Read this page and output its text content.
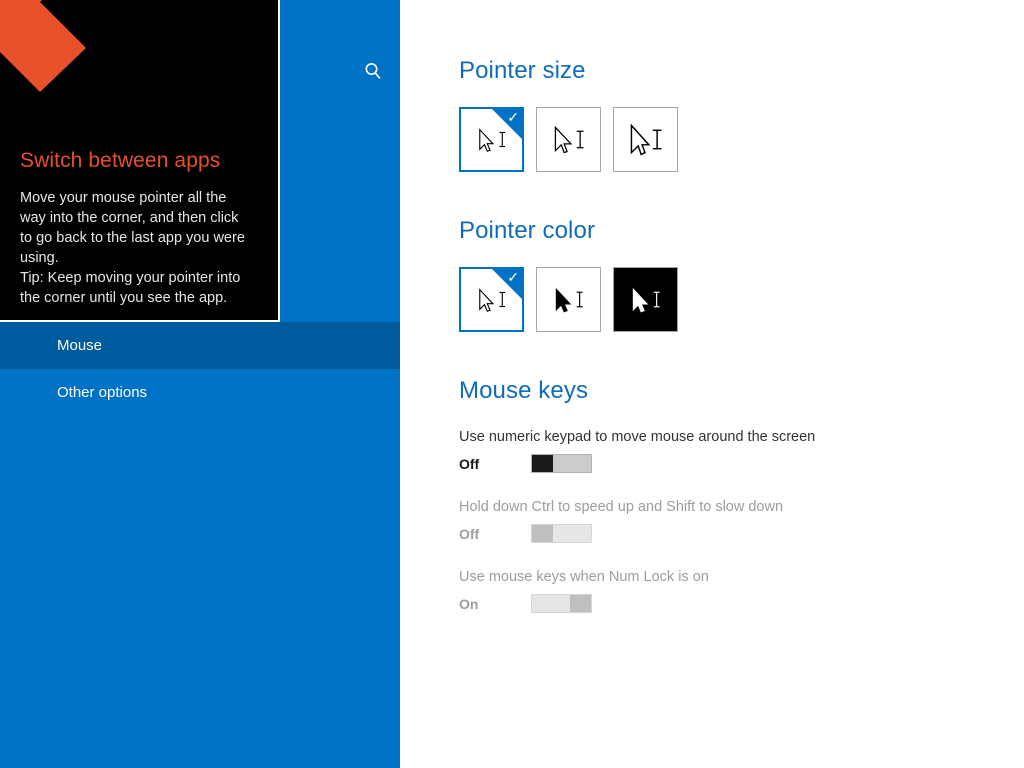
Switch between apps

Move your mouse pointer all the

way into the corner, and then click

to go back to the last app you were

using.

Tip: Keep moving your pointer into

the corner until you see the app.

Mouse
Other options
Pointer size
✓
Pointer color
✓
Mouse keys
Use numeric keypad to move mouse around the screen
Off
Hold down Ctrl to speed up and Shift to slow down
Off
Use mouse keys when Num Lock is on
On
